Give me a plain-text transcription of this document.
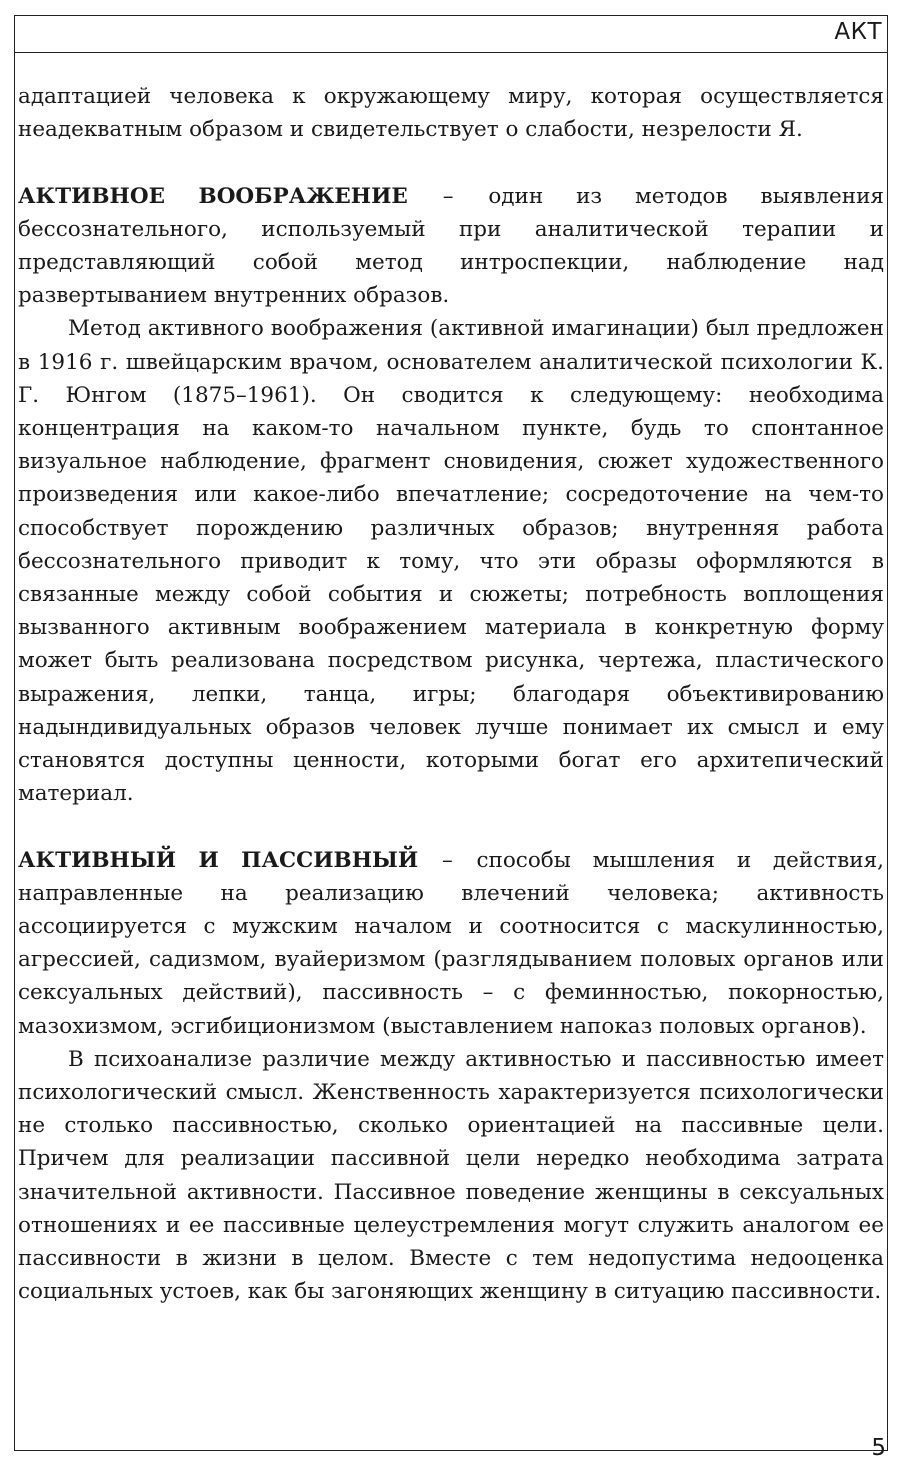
АКТ

адаптацией человека к окружающему миру, которая осуществляется неадекватным образом и свидетельствует о слабости, незрелости Я.

АКТИВНОЕ ВООБРАЖЕНИЕ – один из методов выявления бессознательного, используемый при аналитической терапии и представляющий собой метод интроспекции, наблюдение над развертыванием внутренних образов.

Метод активного воображения (активной имагинации) был предложен в 1916 г. швейцарским врачом, основателем аналитической психологии К. Г. Юнгом (1875–1961). Он сводится к следующему: необходима концентрация на каком-то начальном пункте, будь то спонтанное визуальное наблюдение, фрагмент сновидения, сюжет художественного произведения или какое-либо впечатление; сосредоточение на чем-то способствует порождению различных образов; внутренняя работа бессознательного приводит к тому, что эти образы оформляются в связанные между собой события и сюжеты; потребность воплощения вызванного активным воображением материала в конкретную форму может быть реализована посредством рисунка, чертежа, пластического выражения, лепки, танца, игры; благодаря объективированию надындивидуальных образов человек лучше понимает их смысл и ему становятся доступны ценности, которыми богат его архитепический материал.

АКТИВНЫЙ И ПАССИВНЫЙ – способы мышления и действия, направленные на реализацию влечений человека; активность ассоциируется с мужским началом и соотносится с маскулинностью, агрессией, садизмом, вуайеризмом (разглядыванием половых органов или сексуальных действий), пассивность – с феминностью, покорностью, мазохизмом, эсгибиционизмом (выставлением напоказ половых органов).

В психоанализе различие между активностью и пассивностью имеет психологический смысл. Женственность характеризуется психологически не столько пассивностью, сколько ориентацией на пассивные цели. Причем для реализации пассивной цели нередко необходима затрата значительной активности. Пассивное поведение женщины в сексуальных отношениях и ее пассивные целеустремления могут служить аналогом ее пассивности в жизни в целом. Вместе с тем недопустима недооценка социальных устоев, как бы загоняющих женщину в ситуацию пассивности.

5
